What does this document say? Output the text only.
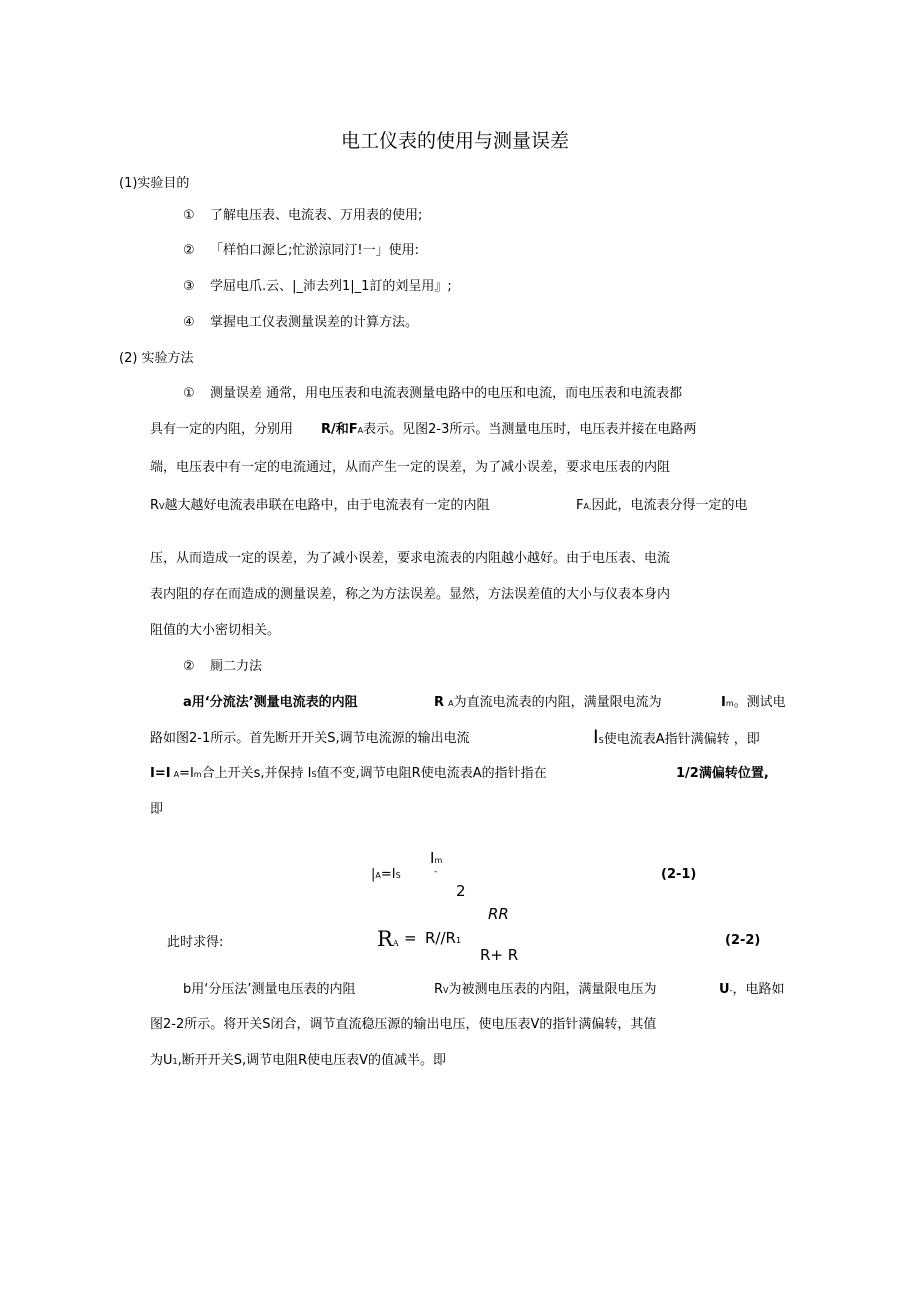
电工仪表的使用与测量误差
(1)实验目的
① 了解电压表、电流表、万用表的使用;
② 「样怕口源匕;忙淤涼同汀!一」使用:
③ 学屈电爪.云、|_沛去列1|_1訂的刘呈用』;
④ 掌握电工仪表测量误差的计算方法。
(2) 实验方法
① 测量误差 通常，用电压表和电流表测量电路中的电压和电流，而电压表和电流表都
具有一定的内阻，分别用 R/和FA表示。见图2-3所示。当测量电压时，电压表并接在电路两
端，电压表中有一定的电流通过，从而产生一定的误差，为了减小误差，要求电压表的内阻
RV越大越好电流表串联在电路中，由于电流表有一定的内阻	FA,因此，电流表分得一定的电
压，从而造成一定的误差，为了减小误差，要求电流表的内阻越小越好。由于电压表、电流
表内阻的存在而造成的测量误差，称之为方法误差。显然，方法误差值的大小与仪表本身内
阻值的大小密切相关。
② 厠二力法
a用‘分流法’测量电流表的内阻	R A为直流电流表的内阻，满量限电流为	Im。测试电
路如图2-1所示。首先断开开关S,调节电流源的输出电流	IS使电流表A指针满偏转 ，即
I=I A=Im合上开关s,并保持 IS值不变,调节电阻R使电流表A的指针指在	1/2满偏转位置,
即
|A=IS
Im
-
2
(2-1)
此时求得:	RA = R//R1
RR
R+ R
(2-2)
b用‘分压法’测量电压表的内阻	RV为被测电压表的内阻，满量限电压为	U-，电路如
图2-2所示。将开关S闭合，调节直流稳压源的输出电压，使电压表V的指针满偏转，其值
为U1,断开开关S,调节电阻R使电压表V的值减半。即
